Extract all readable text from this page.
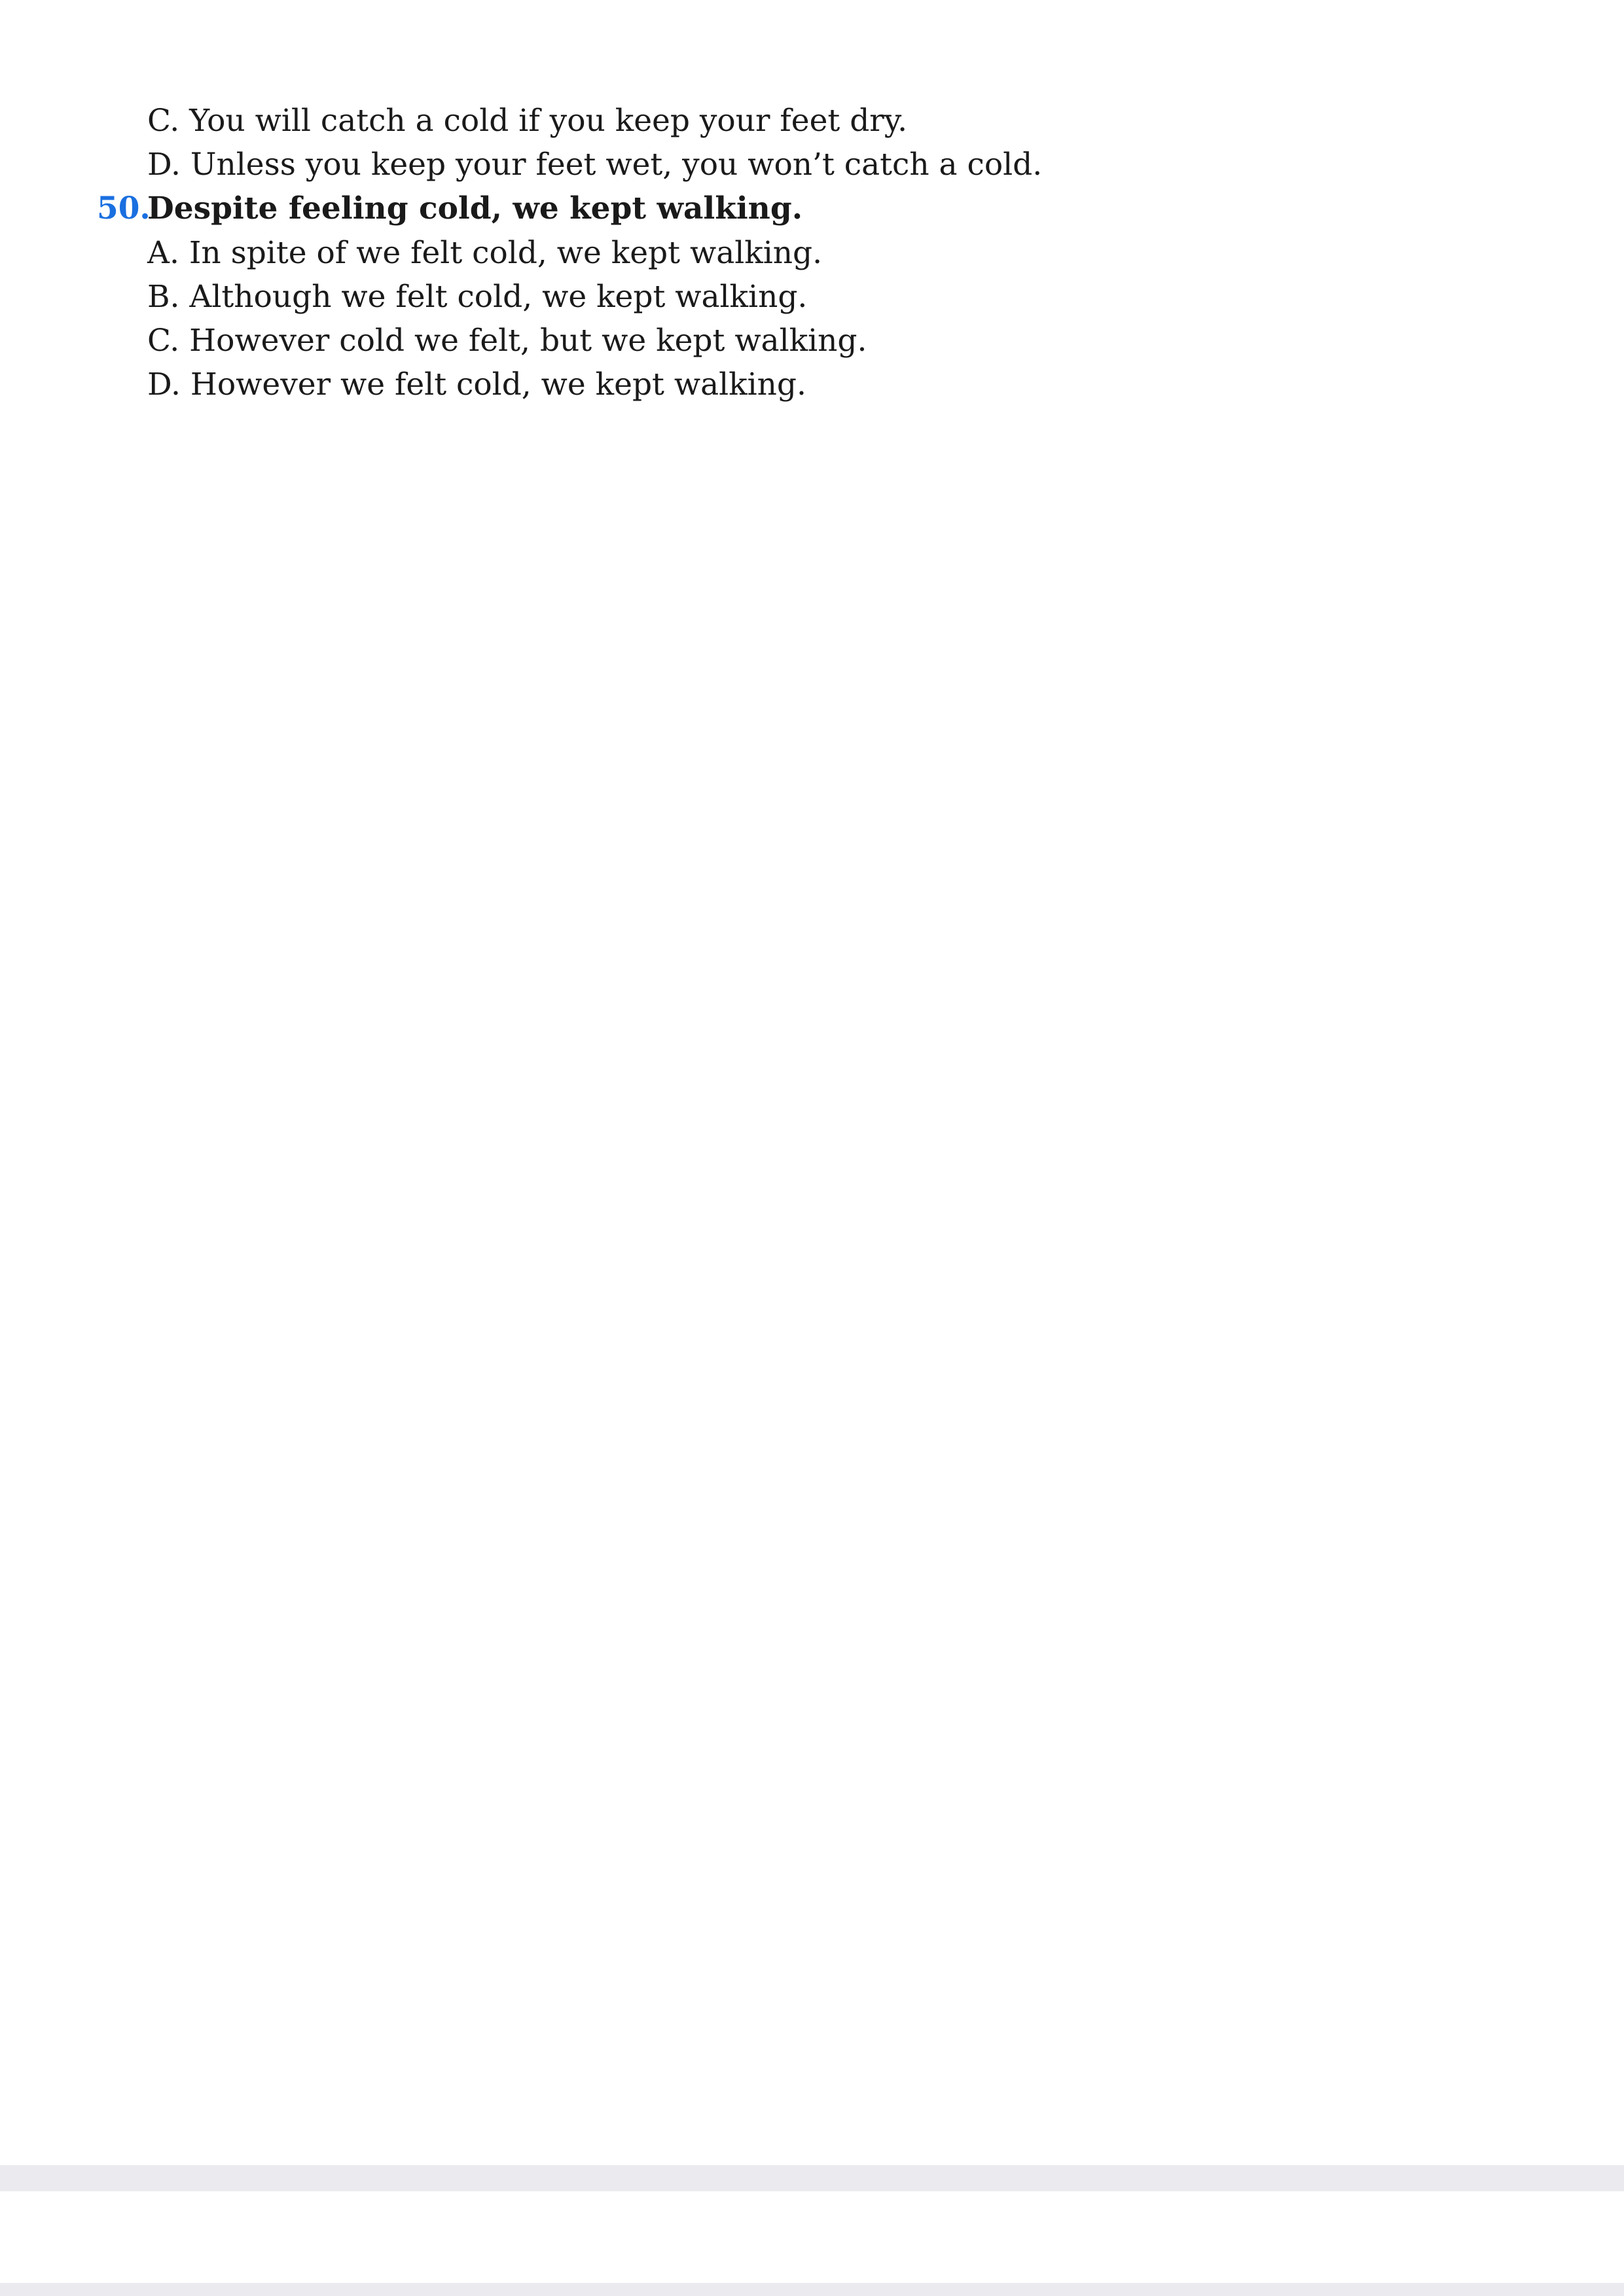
C. You will catch a cold if you keep your feet dry.
D. Unless you keep your feet wet, you won’t catch a cold.
50.
Despite feeling cold, we kept walking.
A. In spite of we felt cold, we kept walking.
B. Although we felt cold, we kept walking.
C. However cold we felt, but we kept walking.
D. However we felt cold, we kept walking.
